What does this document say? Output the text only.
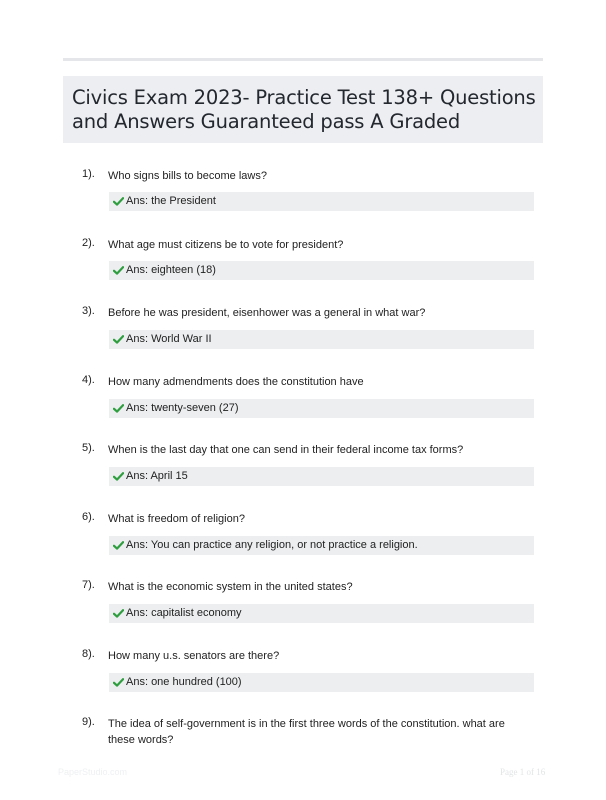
Civics Exam 2023- Practice Test 138+ Questions and Answers Guaranteed pass A Graded
1). Who signs bills to become laws?
Ans: the President
2). What age must citizens be to vote for president?
Ans: eighteen (18)
3). Before he was president, eisenhower was a general in what war?
Ans: World War II
4). How many admendments does the constitution have
Ans: twenty-seven (27)
5). When is the last day that one can send in their federal income tax forms?
Ans: April 15
6). What is freedom of religion?
Ans: You can practice any religion, or not practice a religion.
7). What is the economic system in the united states?
Ans: capitalist economy
8). How many u.s. senators are there?
Ans: one hundred (100)
9). The idea of self-government is in the first three words of the constitution. what are these words?
PaperStudio.com	Page 1 of 16
